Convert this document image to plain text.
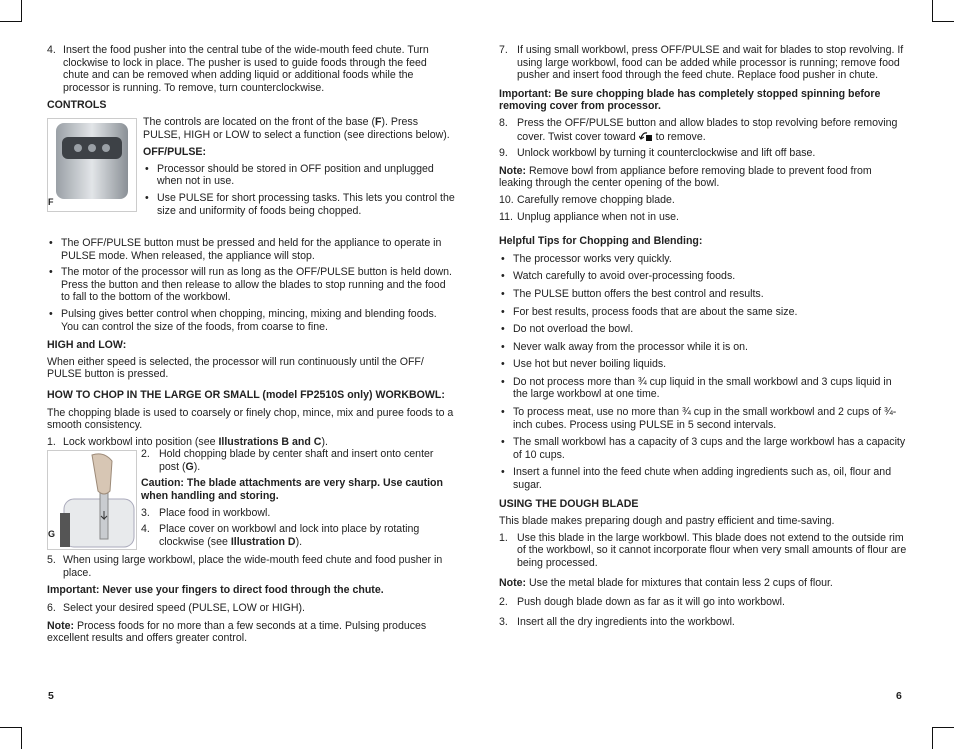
4. Insert the food pusher into the central tube of the wide-mouth feed chute. Turn clockwise to lock in place. The pusher is used to guide foods through the feed chute and can be removed when adding liquid or additional foods while the processor is running. To remove, turn counterclockwise.

CONTROLS

F

The controls are located on the front of the base (F). Press PULSE, HIGH or LOW to select a function (see directions below).

OFF/PULSE:

• Processor should be stored in OFF position and unplugged when not in use.

• Use PULSE for short processing tasks. This lets you control the size and uniformity of foods being chopped.

• The OFF/PULSE button must be pressed and held for the appliance to operate in PULSE mode. When released, the appliance will stop.

• The motor of the processor will run as long as the OFF/PULSE button is held down. Press the button and then release to allow the blades to stop running and the food to fall to the bottom of the workbowl.

• Pulsing gives better control when chopping, mincing, mixing and blending foods. You can control the size of the foods, from coarse to fine.

HIGH and LOW:

When either speed is selected, the processor will run continuously until the OFF/ PULSE button is pressed.

HOW TO CHOP IN THE LARGE OR SMALL (model FP2510S only) WORKBOWL:

The chopping blade is used to coarsely or finely chop, mince, mix and puree foods to a smooth consistency.

1. Lock workbowl into position (see Illustrations B and C).

G

2. Hold chopping blade by center shaft and insert onto center post (G).

Caution: The blade attachments are very sharp. Use caution when handling and storing.

3. Place food in workbowl.

4. Place cover on workbowl and lock into place by rotating clockwise (see Illustration D).

5. When using large workbowl, place the wide-mouth feed chute and food pusher in place.

Important: Never use your fingers to direct food through the chute.

6. Select your desired speed (PULSE, LOW or HIGH).

Note: Process foods for no more than a few seconds at a time. Pulsing produces excellent results and offers greater control.

5

7. If using small workbowl, press OFF/PULSE and wait for blades to stop revolving. If using large workbowl, food can be added while processor is running; remove food pusher and insert food through the feed chute. Replace food pusher in chute.

Important: Be sure chopping blade has completely stopped spinning before removing cover from processor.

8. Press the OFF/PULSE button and allow blades to stop revolving before removing cover. Twist cover toward  to remove.

9. Unlock workbowl by turning it counterclockwise and lift off base.

Note: Remove bowl from appliance before removing blade to prevent food from leaking through the center opening of the bowl.

10. Carefully remove chopping blade.

11. Unplug appliance when not in use.

Helpful Tips for Chopping and Blending:

• The processor works very quickly.

• Watch carefully to avoid over-processing foods.

• The PULSE button offers the best control and results.

• For best results, process foods that are about the same size.

• Do not overload the bowl.

• Never walk away from the processor while it is on.

• Use hot but never boiling liquids.

• Do not process more than ¾ cup liquid in the small workbowl and 3 cups liquid in the large workbowl at one time.

• To process meat, use no more than ¾ cup in the small workbowl and 2 cups of ¾-inch cubes. Process using PULSE in 5 second intervals.

• The small workbowl has a capacity of 3 cups and the large workbowl has a capacity of 10 cups.

• Insert a funnel into the feed chute when adding ingredients such as, oil, flour and sugar.

USING THE DOUGH BLADE

This blade makes preparing dough and pastry efficient and time-saving.

1. Use this blade in the large workbowl. This blade does not extend to the outside rim of the workbowl, so it cannot incorporate flour when very small amounts of flour are being processed.

Note: Use the metal blade for mixtures that contain less 2 cups of flour.

2. Push dough blade down as far as it will go into workbowl.

3. Insert all the dry ingredients into the workbowl.

6
